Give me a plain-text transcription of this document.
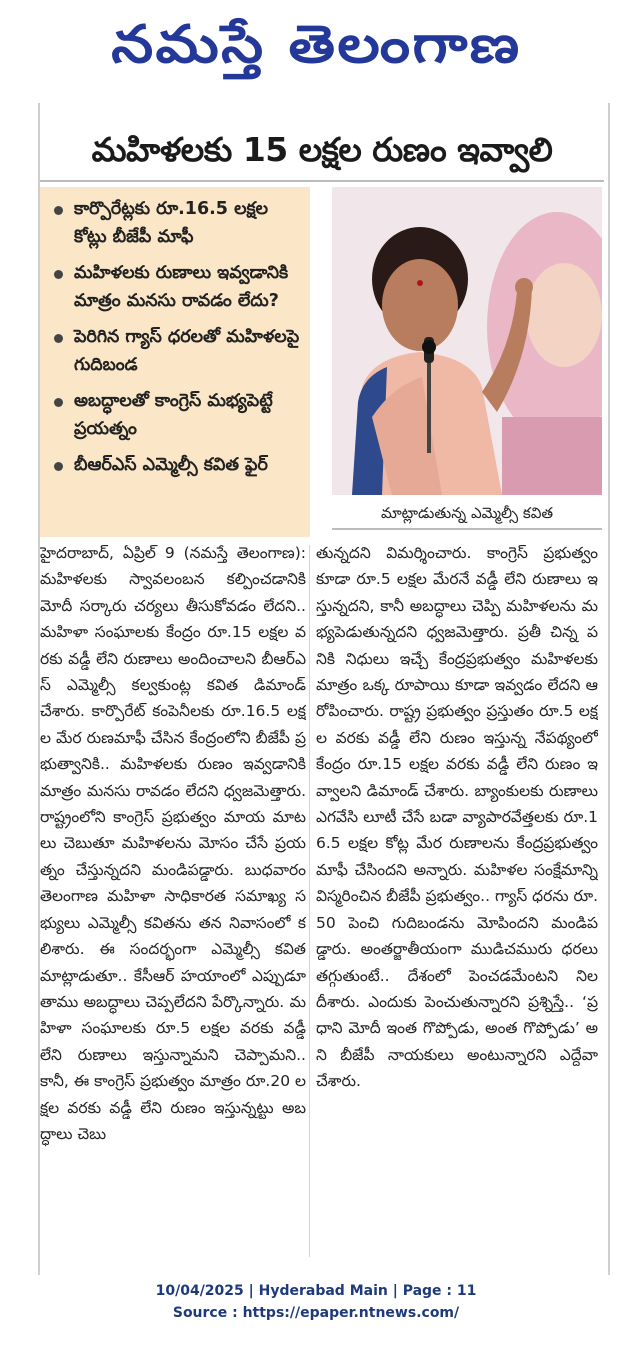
నమస్తే తెలంగాణ
మహిళలకు 15 లక్షల రుణం ఇవ్వాలి
కార్పొరేట్లకు రూ.16.5 లక్షల కోట్లు బీజేపీ మాఫీ
మహిళలకు రుణాలు ఇవ్వడానికి మాత్రం మనసు రావడం లేదు?
పెరిగిన గ్యాస్ ధరలతో మహిళలపై గుదిబండ
అబద్ధాలతో కాంగ్రెస్ మభ్యపెట్టే ప్రయత్నం
బీఆర్ఎస్ ఎమ్మెల్సీ కవిత ఫైర్
మాట్లాడుతున్న ఎమ్మెల్సీ కవిత
హైదరాబాద్, ఏప్రిల్ 9 (నమస్తే తెలంగాణ): మహిళలకు స్వావలంబన కల్పించడానికి మోదీ సర్కారు చర్యలు తీసుకోవడం లేదని.. మహిళా సంఘాలకు కేంద్రం రూ.15 లక్షల వరకు వడ్డీ లేని రుణాలు అందించాలని బీఆర్ఎస్ ఎమ్మెల్సీ కల్వకుంట్ల కవిత డిమాండ్ చేశారు. కార్పొరేట్ కంపెనీలకు రూ.16.5 లక్షల మేర రుణమాఫీ చేసిన కేంద్రంలోని బీజేపీ ప్రభుత్వానికి.. మహిళలకు రుణం ఇవ్వడానికి మాత్రం మనసు రావడం లేదని ధ్వజమెత్తారు. రాష్ట్రంలోని కాంగ్రెస్ ప్రభుత్వం మాయ మాటలు చెబుతూ మహిళలను మోసం చేసే ప్రయత్నం చేస్తున్నదని మండిపడ్డారు. బుధవారం తెలంగాణ మహిళా సాధికారత సమాఖ్య సభ్యులు ఎమ్మెల్సీ కవితను తన నివాసంలో కలిశారు. ఈ సందర్భంగా ఎమ్మెల్సీ కవిత మాట్లాడుతూ.. కేసీఆర్ హయాంలో ఎప్పుడూ తాము అబద్ధాలు చెప్పలేదని పేర్కొన్నారు. మహిళా సంఘాలకు రూ.5 లక్షల వరకు వడ్డీ లేని రుణాలు ఇస్తున్నామని చెప్పామని.. కానీ, ఈ కాంగ్రెస్ ప్రభుత్వం మాత్రం రూ.20 లక్షల వరకు వడ్డీ లేని రుణం ఇస్తున్నట్టు అబద్ధాలు చెబు
తున్నదని విమర్శించారు. కాంగ్రెస్ ప్రభుత్వం కూడా రూ.5 లక్షల మేరనే వడ్డీ లేని రుణాలు ఇస్తున్నదని, కానీ అబద్ధాలు చెప్పి మహిళలను మభ్యపెడుతున్నదని ధ్వజమెత్తారు. ప్రతీ చిన్న పనికి నిధులు ఇచ్చే కేంద్రప్రభుత్వం మహిళలకు మాత్రం ఒక్క రూపాయి కూడా ఇవ్వడం లేదని ఆరోపించారు. రాష్ట్ర ప్రభుత్వం ప్రస్తుతం రూ.5 లక్షల వరకు వడ్డీ లేని రుణం ఇస్తున్న నేపథ్యంలో కేంద్రం రూ.15 లక్షల వరకు వడ్డీ లేని రుణం ఇవ్వాలని డిమాండ్ చేశారు. బ్యాంకులకు రుణాలు ఎగవేసి లూటీ చేసే బడా వ్యాపారవేత్తలకు రూ.16.5 లక్షల కోట్ల మేర రుణాలను కేంద్రప్రభుత్వం మాఫీ చేసిందని అన్నారు. మహిళల సంక్షేమాన్ని విస్మరించిన బీజేపీ ప్రభుత్వం.. గ్యాస్ ధరను రూ.50 పెంచి గుదిబండను మోపిందని మండిపడ్డారు. అంతర్జాతీయంగా ముడిచమురు ధరలు తగ్గుతుంటే.. దేశంలో పెంచడమేంటని నిలదీశారు. ఎందుకు పెంచుతున్నారని ప్రశ్నిస్తే.. ‘ప్రధాని మోదీ ఇంత గొప్పోడు, అంత గొప్పోడు’ అని బీజేపీ నాయకులు అంటున్నారని ఎద్దేవా చేశారు.
10/04/2025 | Hyderabad Main | Page : 11
Source : https://epaper.ntnews.com/
